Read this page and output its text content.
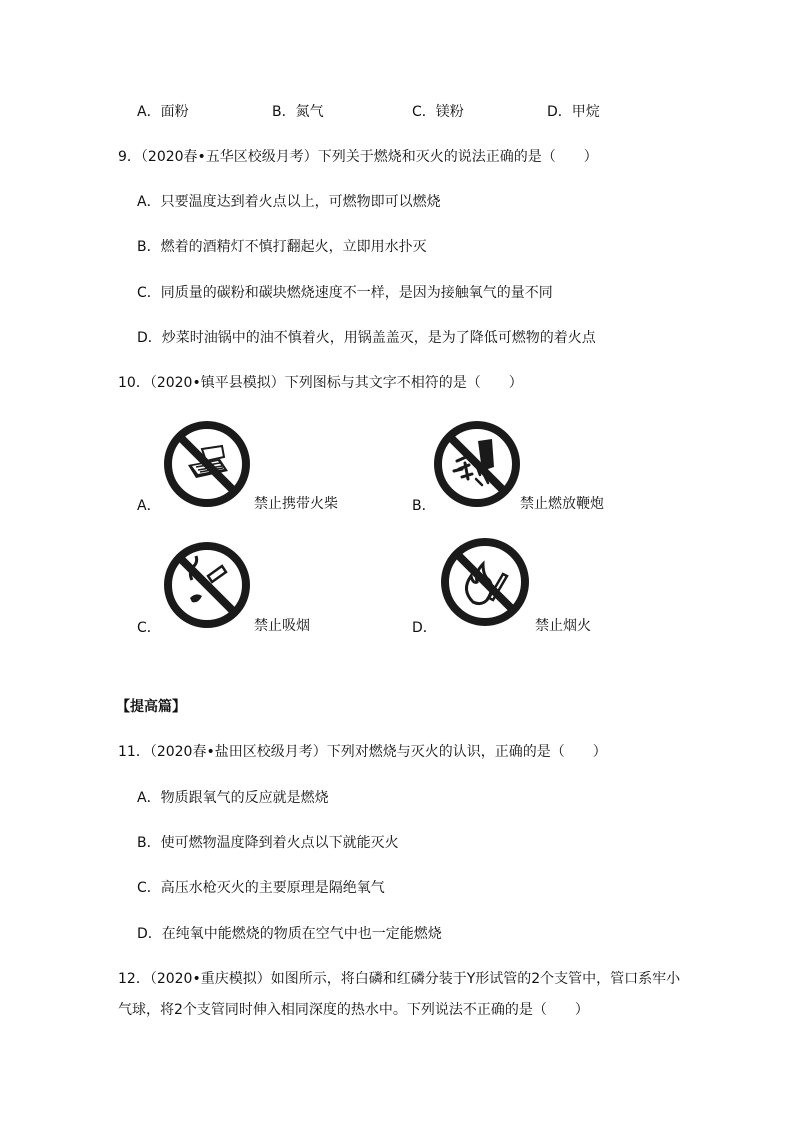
A．面粉	B．氮气	C．镁粉	D．甲烷
9．（2020春•五华区校级月考）下列关于燃烧和灭火的说法正确的是（　　）
A．只要温度达到着火点以上，可燃物即可以燃烧
B．燃着的酒精灯不慎打翻起火，立即用水扑灭
C．同质量的碳粉和碳块燃烧速度不一样，是因为接触氧气的量不同
D．炒菜时油锅中的油不慎着火，用锅盖盖灭，是为了降低可燃物的着火点
10．（2020•镇平县模拟）下列图标与其文字不相符的是（　　）
A．	禁止携带火柴	B．	禁止燃放鞭炮
C．	禁止吸烟	D．	禁止烟火
【提高篇】
11．（2020春•盐田区校级月考）下列对燃烧与灭火的认识，正确的是（　　）
A．物质跟氧气的反应就是燃烧
B．使可燃物温度降到着火点以下就能灭火
C．高压水枪灭火的主要原理是隔绝氧气
D．在纯氧中能燃烧的物质在空气中也一定能燃烧
12．（2020•重庆模拟）如图所示，将白磷和红磷分装于Y形试管的2个支管中，管口系牢小
气球，将2个支管同时伸入相同深度的热水中。下列说法不正确的是（　　）
